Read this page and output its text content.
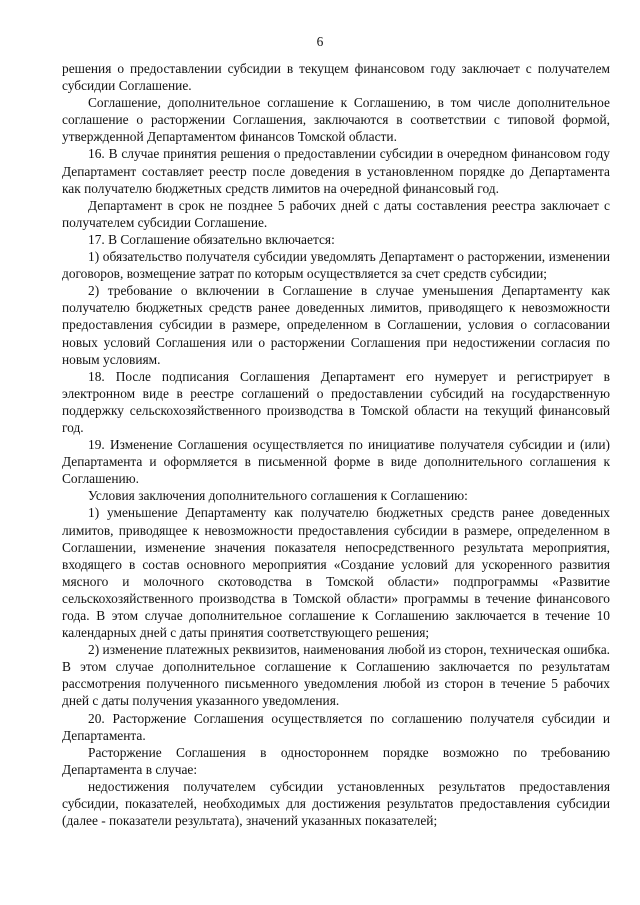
6

решения о предоставлении субсидии в текущем финансовом году заключает с получателем субсидии Соглашение.

Соглашение, дополнительное соглашение к Соглашению, в том числе дополнительное соглашение о расторжении Соглашения, заключаются в соответствии с типовой формой, утвержденной Департаментом финансов Томской области.

16. В случае принятия решения о предоставлении субсидии в очередном финансовом году Департамент составляет реестр после доведения в установленном порядке до Департамента как получателю бюджетных средств лимитов на очередной финансовый год.

Департамент в срок не позднее 5 рабочих дней с даты составления реестра заключает с получателем субсидии Соглашение.

17. В Соглашение обязательно включается:

1) обязательство получателя субсидии уведомлять Департамент о расторжении, изменении договоров, возмещение затрат по которым осуществляется за счет средств субсидии;

2) требование о включении в Соглашение в случае уменьшения Департаменту как получателю бюджетных средств ранее доведенных лимитов, приводящего к невозможности предоставления субсидии в размере, определенном в Соглашении, условия о согласовании новых условий Соглашения или о расторжении Соглашения при недостижении согласия по новым условиям.

18. После подписания Соглашения Департамент его нумерует и регистрирует в электронном виде в реестре соглашений о предоставлении субсидий на государственную поддержку сельскохозяйственного производства в Томской области на текущий финансовый год.

19. Изменение Соглашения осуществляется по инициативе получателя субсидии и (или) Департамента и оформляется в письменной форме в виде дополнительного соглашения к Соглашению.

Условия заключения дополнительного соглашения к Соглашению:

1) уменьшение Департаменту как получателю бюджетных средств ранее доведенных лимитов, приводящее к невозможности предоставления субсидии в размере, определенном в Соглашении, изменение значения показателя непосредственного результата мероприятия, входящего в состав основного мероприятия «Создание условий для ускоренного развития мясного и молочного скотоводства в Томской области» подпрограммы «Развитие сельскохозяйственного производства в Томской области» программы в течение финансового года. В этом случае дополнительное соглашение к Соглашению заключается в течение 10 календарных дней с даты принятия соответствующего решения;

2) изменение платежных реквизитов, наименования любой из сторон, техническая ошибка. В этом случае дополнительное соглашение к Соглашению заключается по результатам рассмотрения полученного письменного уведомления любой из сторон в течение 5 рабочих дней с даты получения указанного уведомления.

20. Расторжение Соглашения осуществляется по соглашению получателя субсидии и Департамента.

Расторжение Соглашения в одностороннем порядке возможно по требованию Департамента в случае:

недостижения получателем субсидии установленных результатов предоставления субсидии, показателей, необходимых для достижения результатов предоставления субсидии (далее - показатели результата), значений указанных показателей;
